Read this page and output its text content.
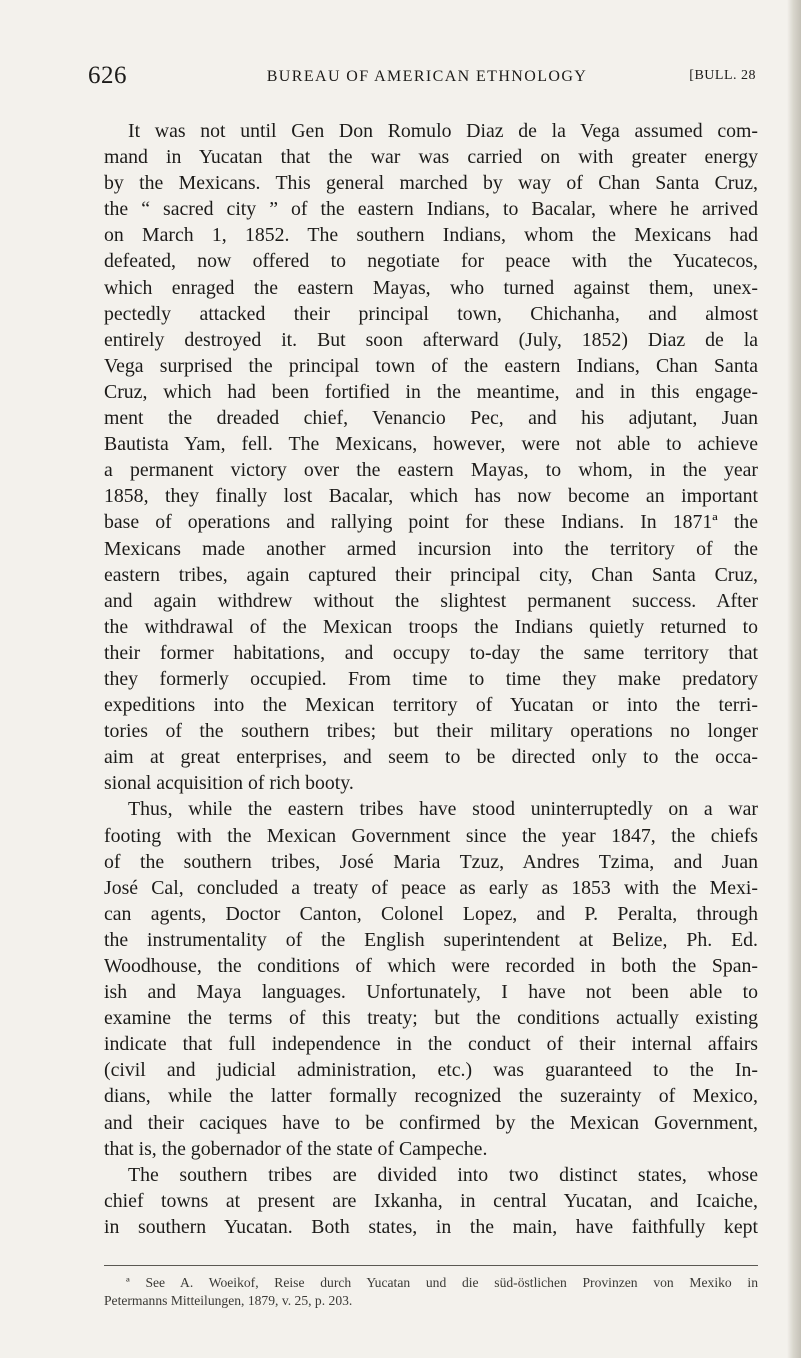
626	BUREAU OF AMERICAN ETHNOLOGY	[BULL. 28
It was not until Gen Don Romulo Diaz de la Vega assumed com-
mand in Yucatan that the war was carried on with greater energy
by the Mexicans. This general marched by way of Chan Santa Cruz,
the “ sacred city ” of the eastern Indians, to Bacalar, where he arrived
on March 1, 1852. The southern Indians, whom the Mexicans had
defeated, now offered to negotiate for peace with the Yucatecos,
which enraged the eastern Mayas, who turned against them, unex-
pectedly attacked their principal town, Chichanha, and almost
entirely destroyed it. But soon afterward (July, 1852) Diaz de la
Vega surprised the principal town of the eastern Indians, Chan Santa
Cruz, which had been fortified in the meantime, and in this engage-
ment the dreaded chief, Venancio Pec, and his adjutant, Juan
Bautista Yam, fell. The Mexicans, however, were not able to achieve
a permanent victory over the eastern Mayas, to whom, in the year
1858, they finally lost Bacalar, which has now become an important
base of operations and rallying point for these Indians. In 1871ª the
Mexicans made another armed incursion into the territory of the
eastern tribes, again captured their principal city, Chan Santa Cruz,
and again withdrew without the slightest permanent success. After
the withdrawal of the Mexican troops the Indians quietly returned to
their former habitations, and occupy to-day the same territory that
they formerly occupied. From time to time they make predatory
expeditions into the Mexican territory of Yucatan or into the terri-
tories of the southern tribes; but their military operations no longer
aim at great enterprises, and seem to be directed only to the occa-
sional acquisition of rich booty.
Thus, while the eastern tribes have stood uninterruptedly on a war
footing with the Mexican Government since the year 1847, the chiefs
of the southern tribes, José Maria Tzuz, Andres Tzima, and Juan
José Cal, concluded a treaty of peace as early as 1853 with the Mexi-
can agents, Doctor Canton, Colonel Lopez, and P. Peralta, through
the instrumentality of the English superintendent at Belize, Ph. Ed.
Woodhouse, the conditions of which were recorded in both the Span-
ish and Maya languages. Unfortunately, I have not been able to
examine the terms of this treaty; but the conditions actually existing
indicate that full independence in the conduct of their internal affairs
(civil and judicial administration, etc.) was guaranteed to the In-
dians, while the latter formally recognized the suzerainty of Mexico,
and their caciques have to be confirmed by the Mexican Government,
that is, the gobernador of the state of Campeche.
The southern tribes are divided into two distinct states, whose
chief towns at present are Ixkanha, in central Yucatan, and Icaiche,
in southern Yucatan. Both states, in the main, have faithfully kept
ª See A. Woeikof, Reise durch Yucatan und die süd-östlichen Provinzen von Mexiko in
Petermanns Mitteilungen, 1879, v. 25, p. 203.
